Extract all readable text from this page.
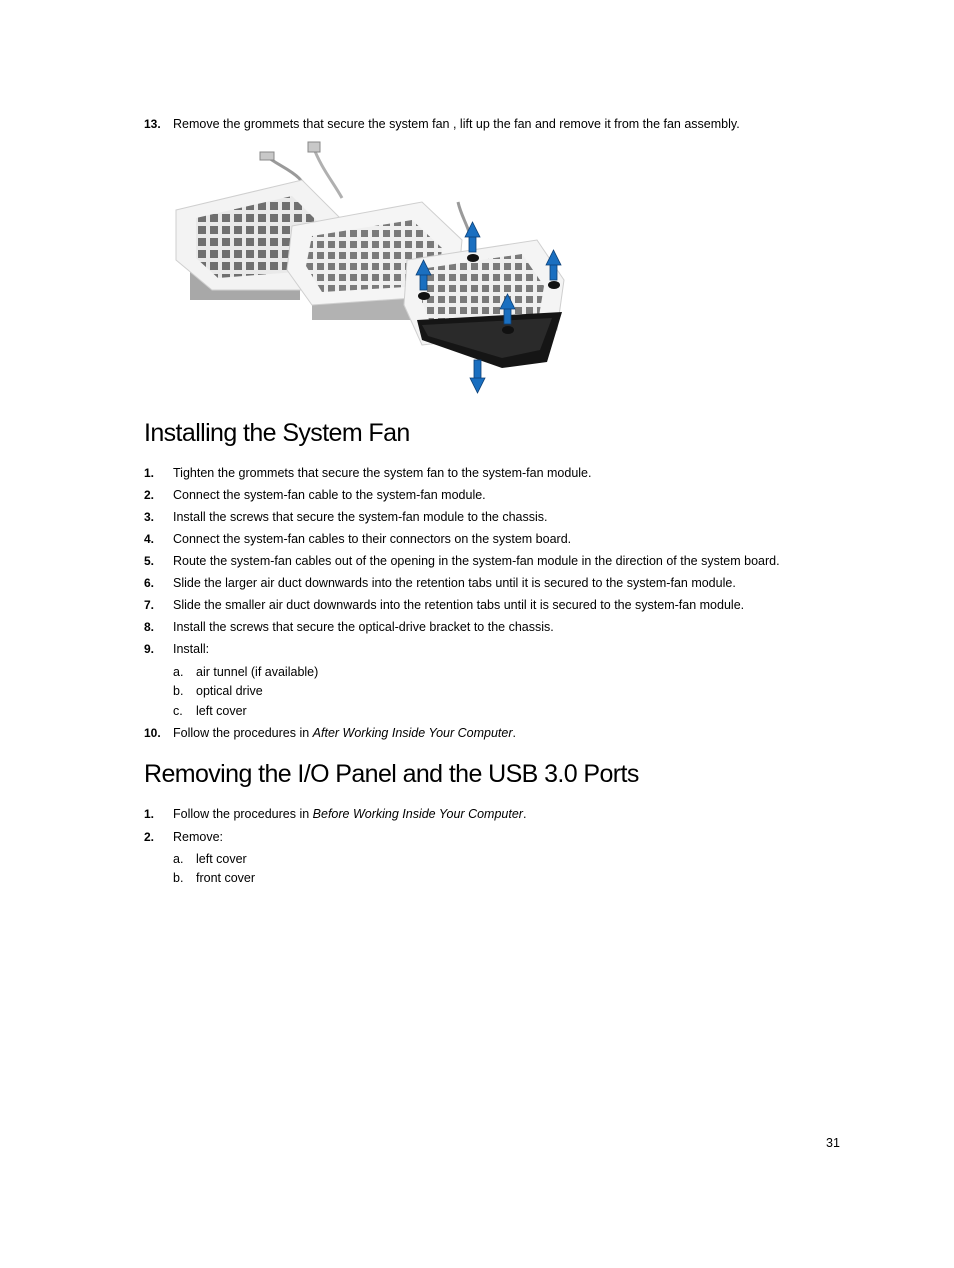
13. Remove the grommets that secure the system fan , lift up the fan and remove it from the fan assembly.
Installing the System Fan
1. Tighten the grommets that secure the system fan to the system-fan module.
2. Connect the system-fan cable to the system-fan module.
3. Install the screws that secure the system-fan module to the chassis.
4. Connect the system-fan cables to their connectors on the system board.
5. Route the system-fan cables out of the opening in the system-fan module in the direction of the system board.
6. Slide the larger air duct downwards into the retention tabs until it is secured to the system-fan module.
7. Slide the smaller air duct downwards into the retention tabs until it is secured to the system-fan module.
8. Install the screws that secure the optical-drive bracket to the chassis.
9. Install:
a. air tunnel (if available)
b. optical drive
c. left cover
10. Follow the procedures in After Working Inside Your Computer.
Removing the I/O Panel and the USB 3.0 Ports
1. Follow the procedures in Before Working Inside Your Computer.
2. Remove:
a. left cover
b. front cover
31
